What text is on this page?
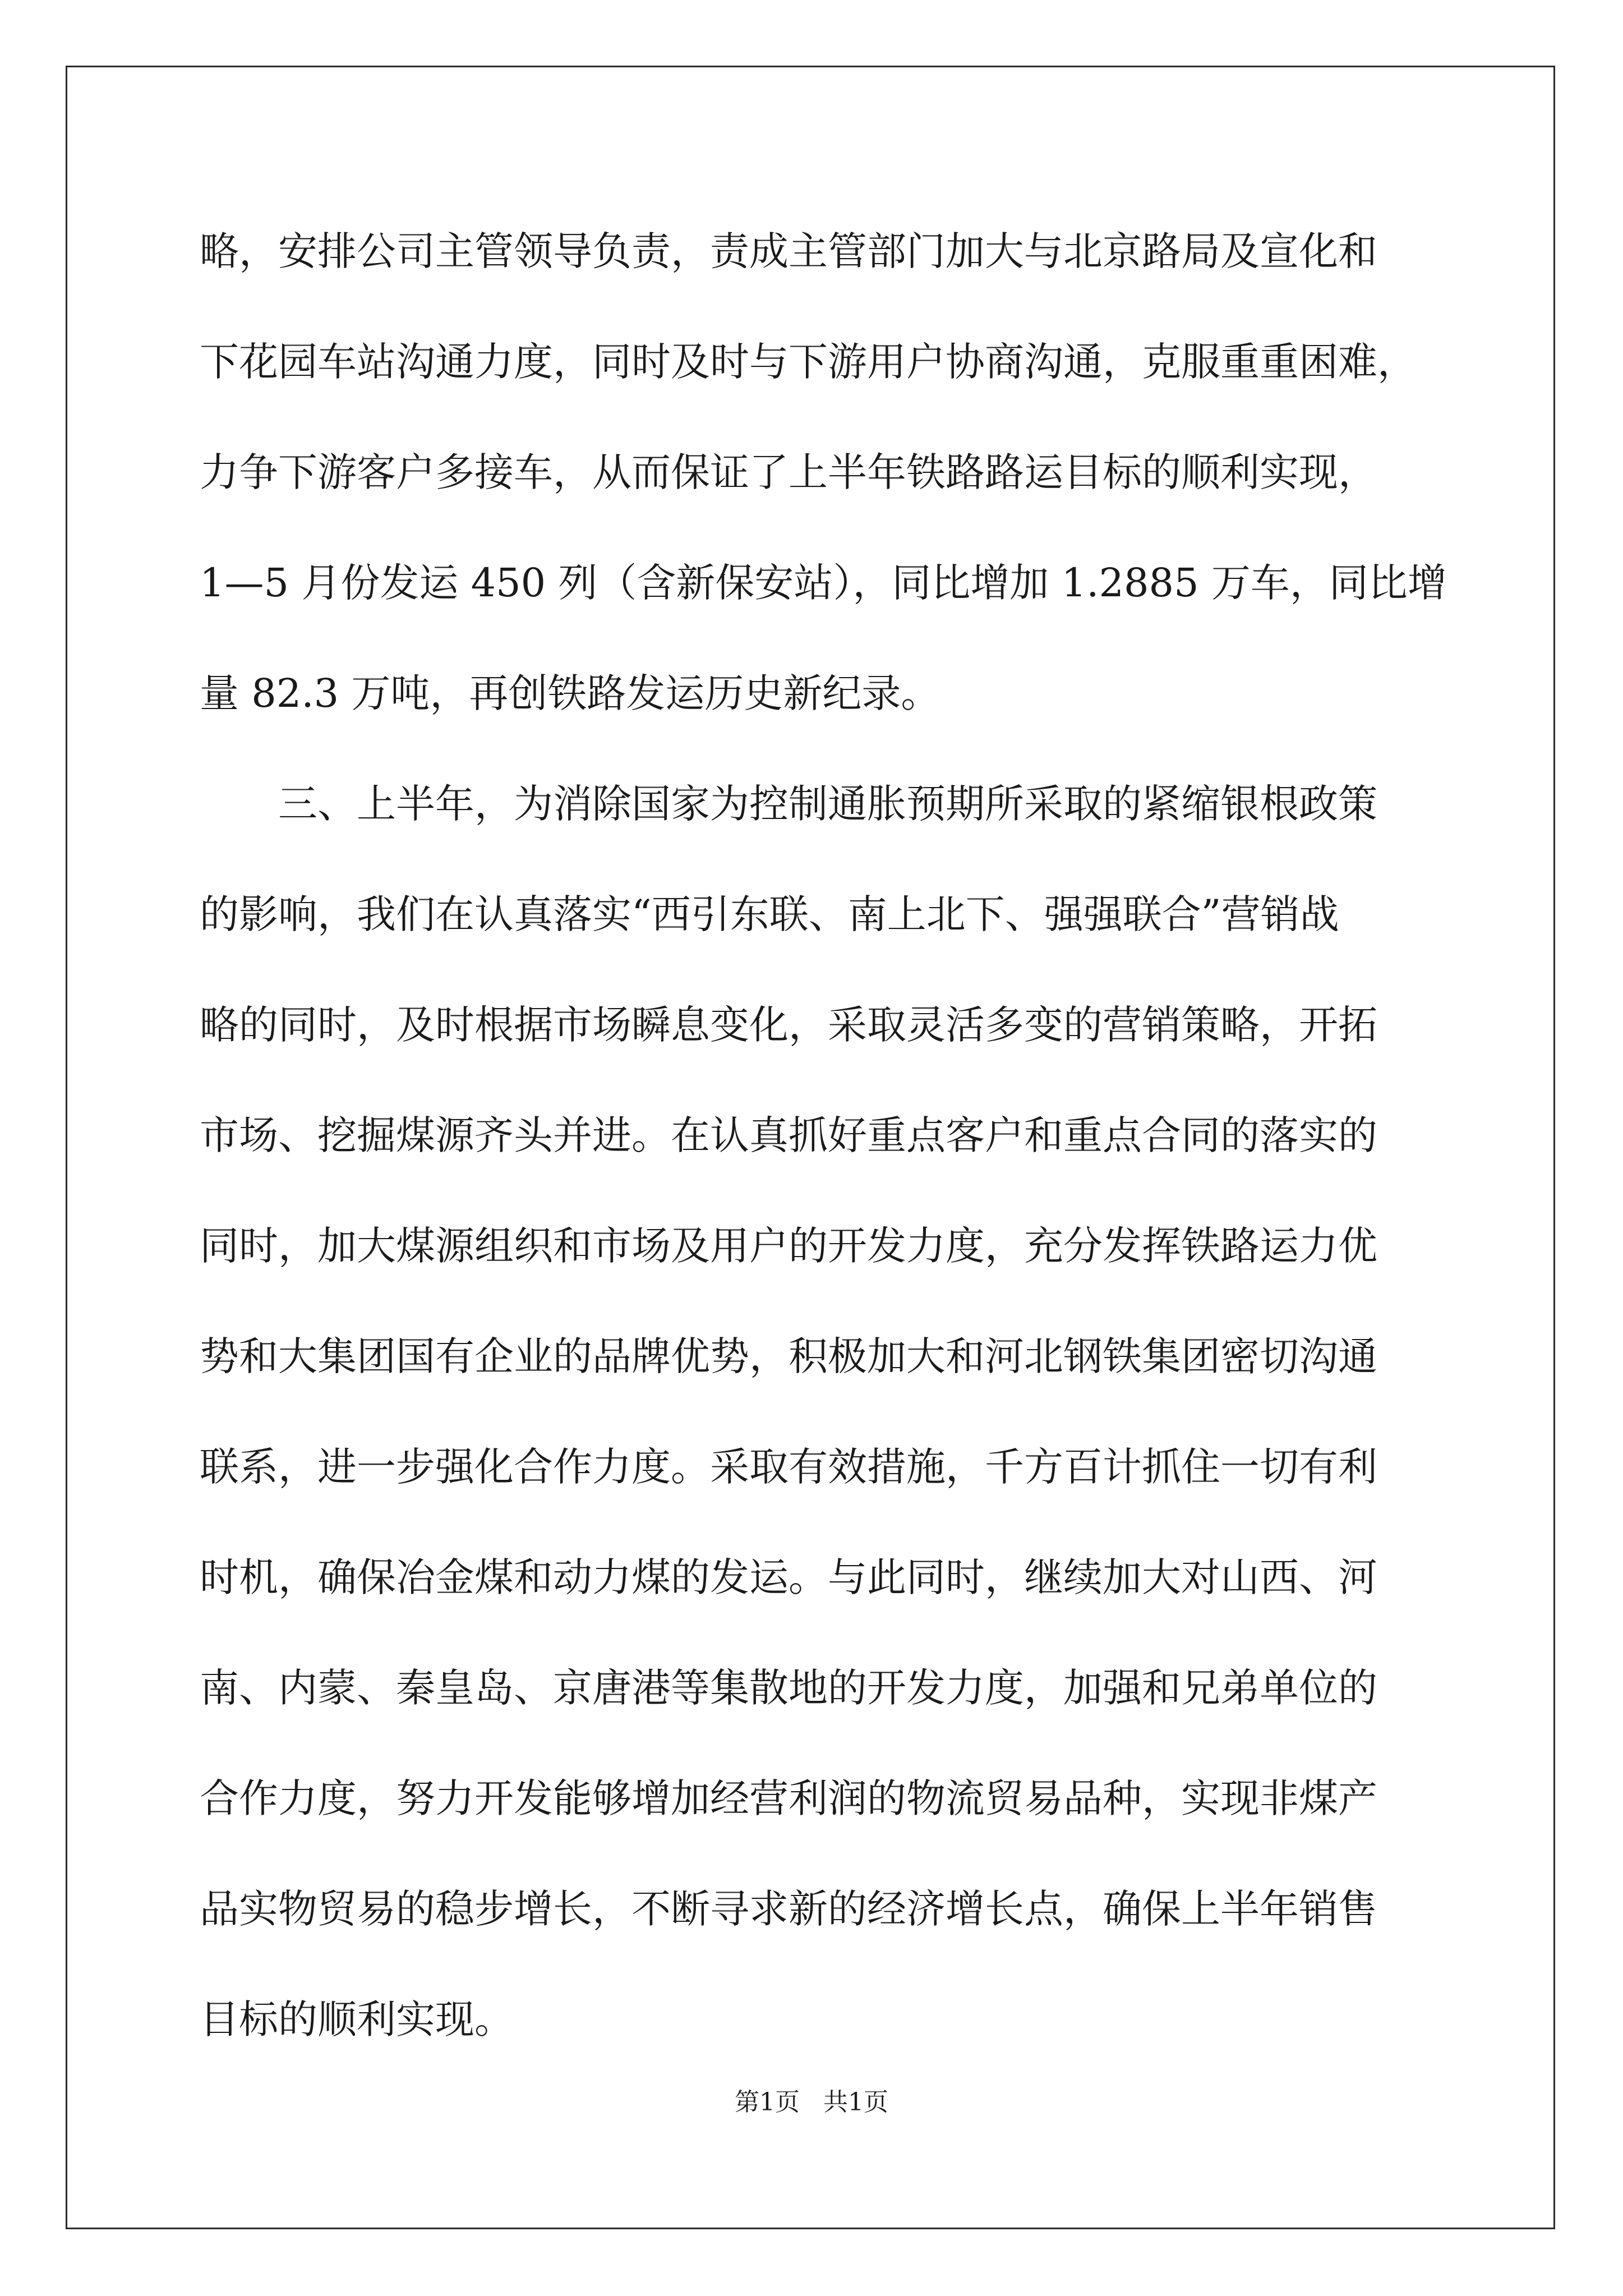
略，安排公司主管领导负责，责成主管部门加大与北京路局及宣化和
下花园车站沟通力度，同时及时与下游用户协商沟通，克服重重困难，
力争下游客户多接车，从而保证了上半年铁路路运目标的顺利实现，
1—5 月份发运 450 列（含新保安站），同比增加 1.2885 万车，同比增
量 82.3 万吨，再创铁路发运历史新纪录。
三、上半年，为消除国家为控制通胀预期所采取的紧缩银根政策
的影响，我们在认真落实“西引东联、南上北下、强强联合”营销战
略的同时，及时根据市场瞬息变化，采取灵活多变的营销策略，开拓
市场、挖掘煤源齐头并进。在认真抓好重点客户和重点合同的落实的
同时，加大煤源组织和市场及用户的开发力度，充分发挥铁路运力优
势和大集团国有企业的品牌优势，积极加大和河北钢铁集团密切沟通
联系，进一步强化合作力度。采取有效措施，千方百计抓住一切有利
时机，确保冶金煤和动力煤的发运。与此同时，继续加大对山西、河
南、内蒙、秦皇岛、京唐港等集散地的开发力度，加强和兄弟单位的
合作力度，努力开发能够增加经营利润的物流贸易品种，实现非煤产
品实物贸易的稳步增长，不断寻求新的经济增长点，确保上半年销售
目标的顺利实现。
第1页   共1页
